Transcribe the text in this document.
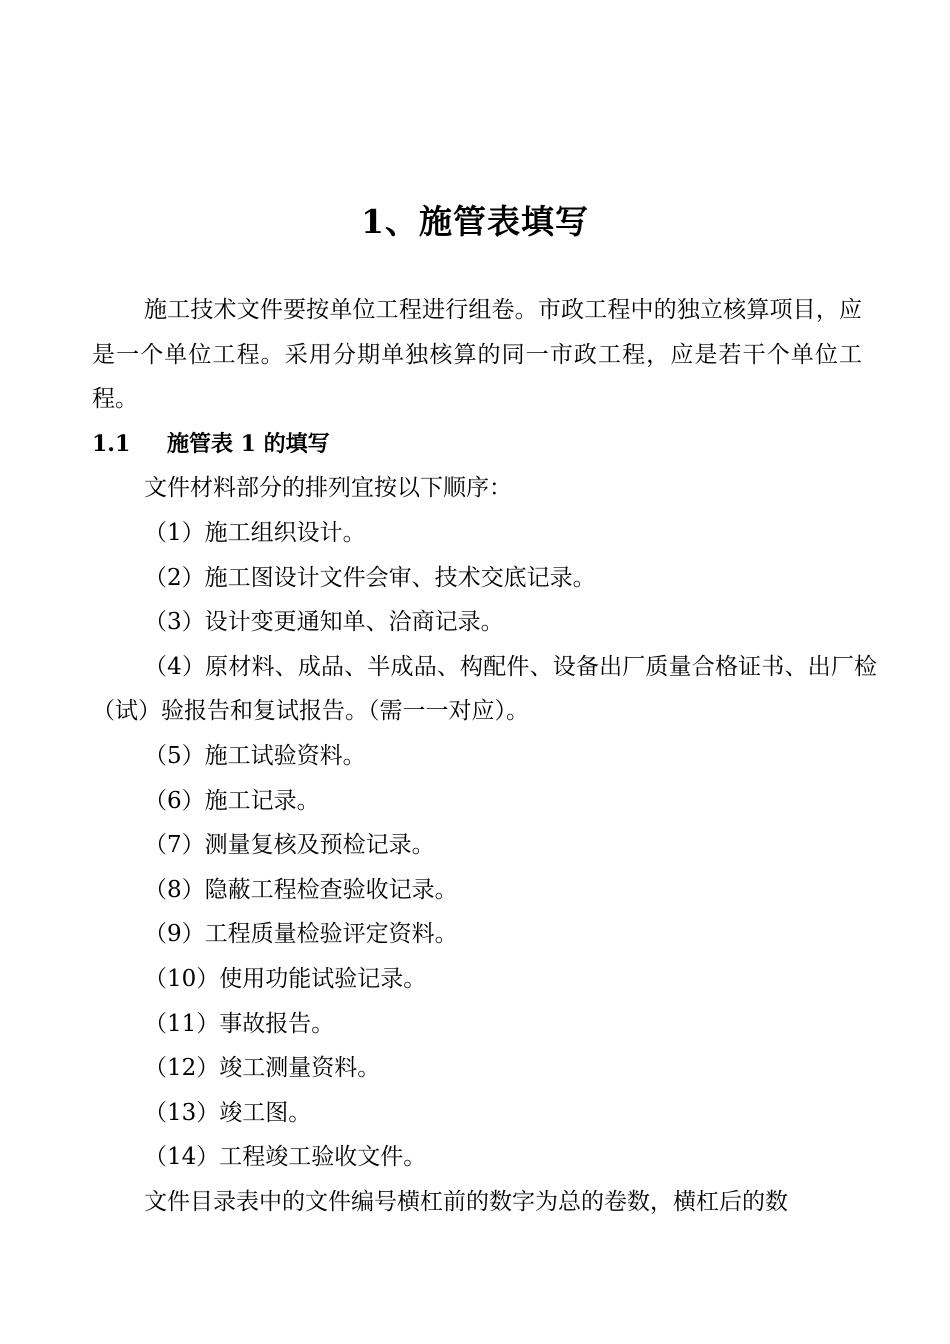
1、施管表填写

施工技术文件要按单位工程进行组卷。市政工程中的独立核算项目，应是一个单位工程。采用分期单独核算的同一市政工程，应是若干个单位工程。

1.1 施管表 1 的填写

文件材料部分的排列宜按以下顺序：

（1）施工组织设计。

（2）施工图设计文件会审、技术交底记录。

（3）设计变更通知单、洽商记录。

（4）原材料、成品、半成品、构配件、设备出厂质量合格证书、出厂检（试）验报告和复试报告。（需一一对应）。

（5）施工试验资料。

（6）施工记录。

（7）测量复核及预检记录。

（8）隐蔽工程检查验收记录。

（9）工程质量检验评定资料。

（10）使用功能试验记录。

（11）事故报告。

（12）竣工测量资料。

（13）竣工图。

（14）工程竣工验收文件。

文件目录表中的文件编号横杠前的数字为总的卷数，横杠后的数
